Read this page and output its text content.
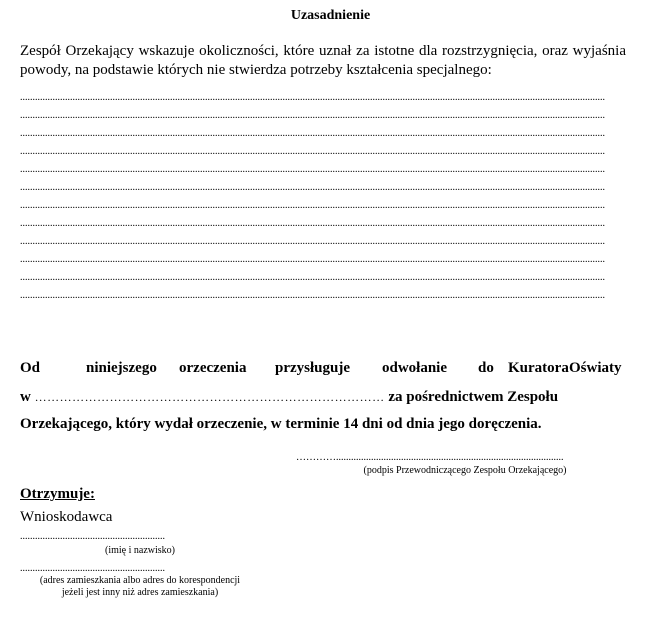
Uzasadnienie
Zespół Orzekający wskazuje okoliczności, które uznał za istotne dla rozstrzygnięcia, oraz wyjaśnia powody, na podstawie których nie stwierdza potrzeby kształcenia specjalnego:
..........................................................................................................................................................................................................................................
..........................................................................................................................................................................................................................................
..........................................................................................................................................................................................................................................
..........................................................................................................................................................................................................................................
..........................................................................................................................................................................................................................................
..........................................................................................................................................................................................................................................
..........................................................................................................................................................................................................................................
..........................................................................................................................................................................................................................................
..........................................................................................................................................................................................................................................
..........................................................................................................................................................................................................................................
..........................................................................................................................................................................................................................................
..........................................................................................................................................................................................................................................
Od	niniejszego orzeczenia przysługuje odwołanie do Kuratora Oświaty
w ………………………………………………………………………… za pośrednictwem Zespołu
Orzekającego, który wydał orzeczenie, w terminie 14 dni od dnia jego doręczenia.
…………...........................................................................................
(podpis Przewodniczącego Zespołu Orzekającego)
Otrzymuje:
Wnioskodawca
..........................................................
(imię i nazwisko)
..........................................................
(adres zamieszkania albo adres do korespondencji
jeżeli jest inny niż adres zamieszkania)
